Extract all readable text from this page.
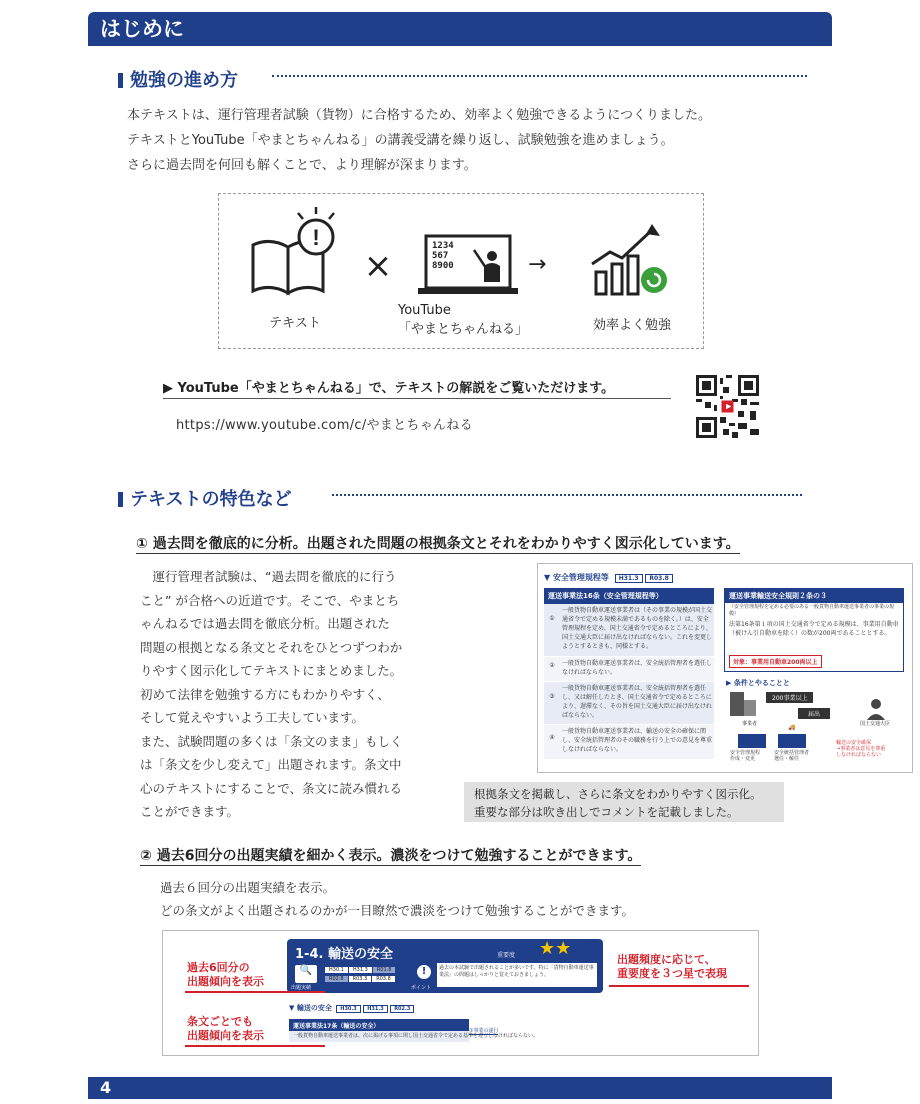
はじめに
勉強の進め方
本テキストは、運行管理者試験（貨物）に合格するため、効率よく勉強できるようにつくりました。
テキストとYouTube「やまとちゃんねる」の講義受講を繰り返し、試験勉強を進めましょう。
さらに過去問を何回も解くことで、より理解が深まります。
!
×	1234
567
8900	→
テキスト
YouTube
「やまとちゃんねる」	効率よく勉強
▶ YouTube「やまとちゃんねる」で、テキストの解説をご覧いただけます。
https://www.youtube.com/c/やまとちゃんねる
テキストの特色など
① 過去問を徹底的に分析。出題された問題の根拠条文とそれをわかりやすく図示化しています。
　運行管理者試験は、“過去問を徹底的に行う
こと” が合格への近道です。そこで、やまとち
ゃんねるでは過去問を徹底分析。出題された
問題の根拠となる条文とそれをひとつずつわか
りやすく図示化してテキストにまとめました。
初めて法律を勉強する方にもわかりやすく、
そして覚えやすいよう工夫しています。
また、試験問題の多くは「条文のまま」もしく
は「条文を少し変えて」出題されます。条文中
心のテキストにすることで、条文に読み慣れる
ことができます。
▼ 安全管理規程等 H31.3 R03.8
運送事業法16条（安全管理規程等）
①
一般貨物自動車運送事業者は（その事業の規模が国土交通省令で定める規模未満であるものを除く。）は、安全管理規程を定め、国土交通省令で定めるところにより、国土交通大臣に届け出なければならない。これを変更しようとするときも、同様とする。
②	一般貨物自動車運送事業者は、安全統括管理者を選任しなければならない。
③
一般貨物自動車運送事業者は、安全統括管理者を選任し、又は解任したとき、国土交通省令で定めるところにより、遅滞なく、その旨を国土交通大臣に届け出なければならない。
④
一般貨物自動車運送事業者は、輸送の安全の確保に関し、安全統括管理者のその職務を行う上での意見を尊重しなければならない。
運送事業輸送安全規則２条の３
（安全管理規程を定める必要のある一般貨物自動車運送事業者の事業の規模）
法第16条第１項の国土交通省令で定める規模は、事業用自動車（被けん引自動車を除く）の数が200両であることとする。
対象：事業用自動車200両以上
▶ 条件とやることと
200事業以上
届出
事業者	国土交通大臣
🚚
安全管理規程
作成・変更
安全統括管理者
選任・解任
輸送の安全確保
→事業者は意見を尊重
しなければならない
根拠条文を掲載し、さらに条文をわかりやすく図示化。
重要な部分は吹き出しでコメントを記載しました。
② 過去6回分の出題実績を細かく表示。濃淡をつけて勉強することができます。
過去６回分の出題実績を表示。
どの条文がよく出題されるのかが一目瞭然で濃淡をつけて勉強することができます。
1-4. 輸送の安全	重要度 ★★
🔍
出題実績
H30.1 H31.3 R01.8
R02.8 R03.3 R03.8
!
ポイント
過去の本試験で出題されることが多いです。特に「貨物自動車運送事業法」の問題はしっかりと覚えておきましょう。
▼ 輸送の安全 H30.3 H31.3 R02.3
運送事業法17条（輸送の安全）
一般貨物自動車運送事業者は、次に掲げる事項に関し国土交通省令で定める基準を遵守しなければならない。
①事業の遂行
過去6回分の
出題傾向を表示
条文ごとでも
出題傾向を表示
出題頻度に応じて、
重要度を３つ星で表現
4
